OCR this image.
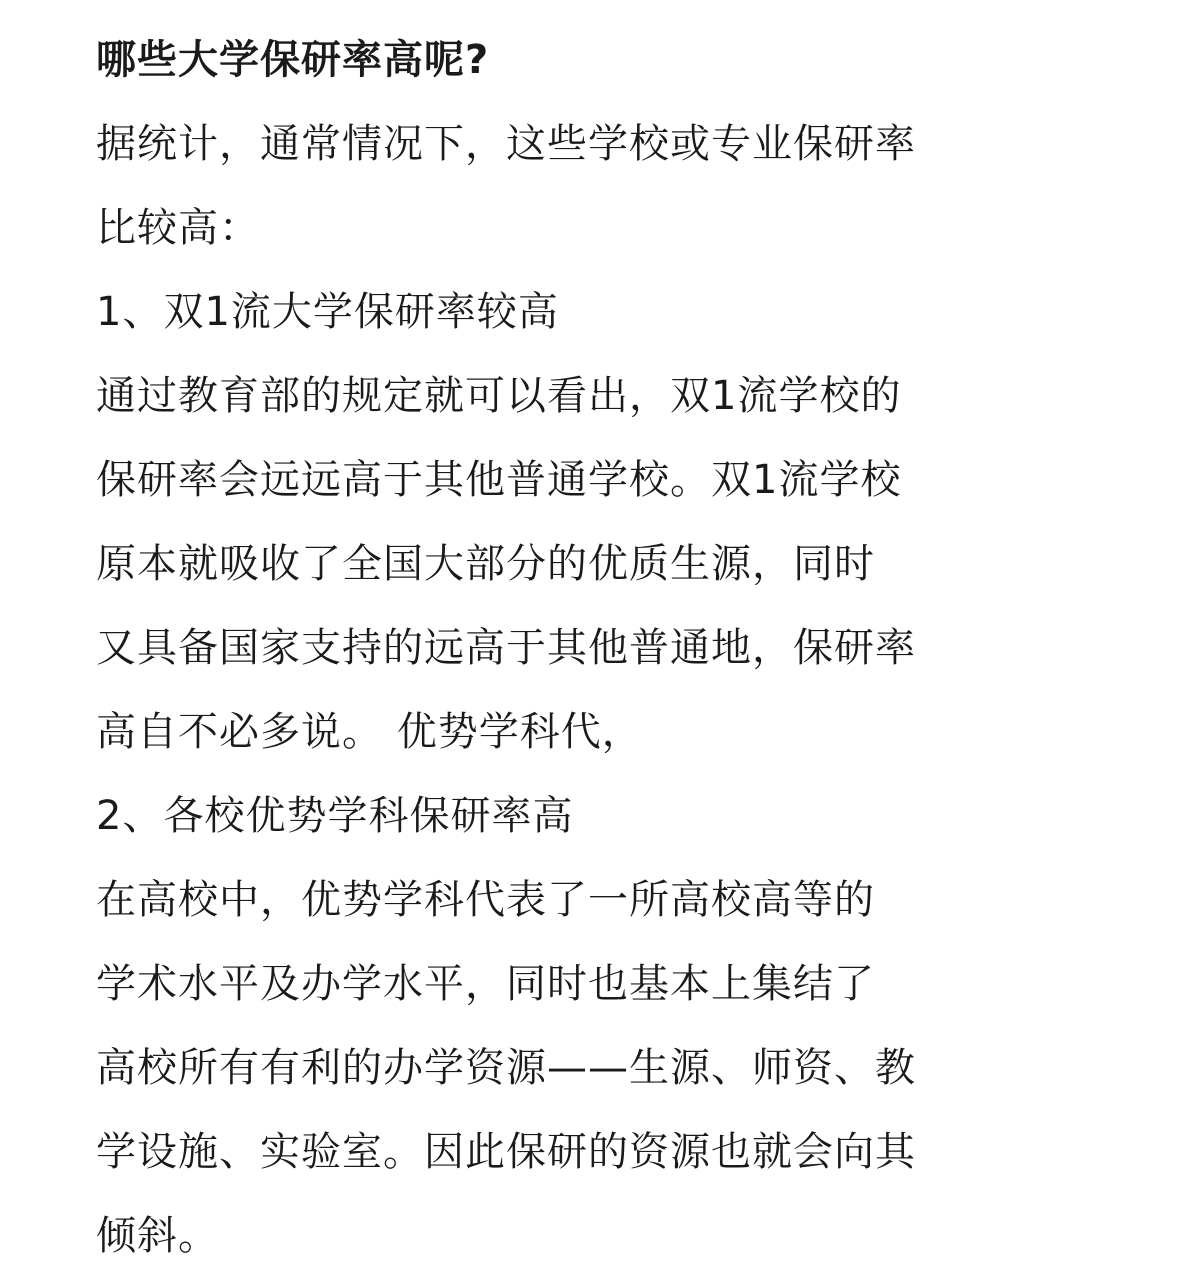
哪些大学保研率高呢?
据统计，通常情况下，这些学校或专业保研率
比较高：
1、双1流大学保研率较高
通过教育部的规定就可以看出，双1流学校的
保研率会远远高于其他普通学校。双1流学校
原本就吸收了全国大部分的优质生源，同时
又具备国家支持的远高于其他普通地，保研率
高自不必多说。 优势学科代，
2、各校优势学科保研率高
在高校中，优势学科代表了一所高校高等的
学术水平及办学水平，同时也基本上集结了
高校所有有利的办学资源——生源、师资、教
学设施、实验室。因此保研的资源也就会向其
倾斜。
